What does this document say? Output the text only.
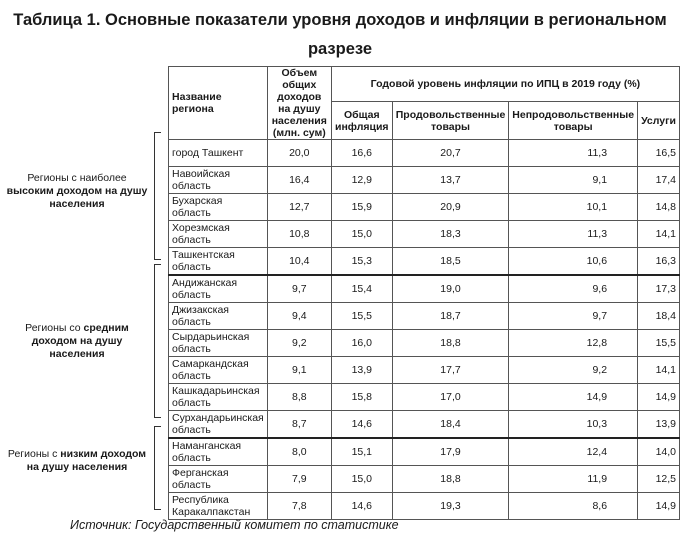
Таблица 1. Основные показатели уровня доходов и инфляции в региональном
разрезе
Регионы с наиболее высоким доходом на душу населения
Регионы со средним доходом на душу населения
Регионы с низким доходом на душу населения
Название региона	Объем общих доходов на душу населения (млн. сум)	Годовой уровень инфляции по ИПЦ в 2019 году (%)			
		Общая инфляция	Продовольственные товары	Непродовольственные товары	Услуги
город Ташкент	20,0	16,6	20,7	11,3	16,5
Навоийская область	16,4	12,9	13,7	9,1	17,4
Бухарская область	12,7	15,9	20,9	10,1	14,8
Хорезмская область	10,8	15,0	18,3	11,3	14,1
Ташкентская область	10,4	15,3	18,5	10,6	16,3
Андижанская область	9,7	15,4	19,0	9,6	17,3
Джизакская область	9,4	15,5	18,7	9,7	18,4
Сырдарьинская область	9,2	16,0	18,8	12,8	15,5
Самаркандская область	9,1	13,9	17,7	9,2	14,1
Кашкадарьинская область	8,8	15,8	17,0	14,9	14,9
Сурхандарьинская область	8,7	14,6	18,4	10,3	13,9
Наманганская область	8,0	15,1	17,9	12,4	14,0
Ферганская область	7,9	15,0	18,8	11,9	12,5
Республика Каракалпакстан	7,8	14,6	19,3	8,6	14,9
Источник: Государственный комитет по статистике
